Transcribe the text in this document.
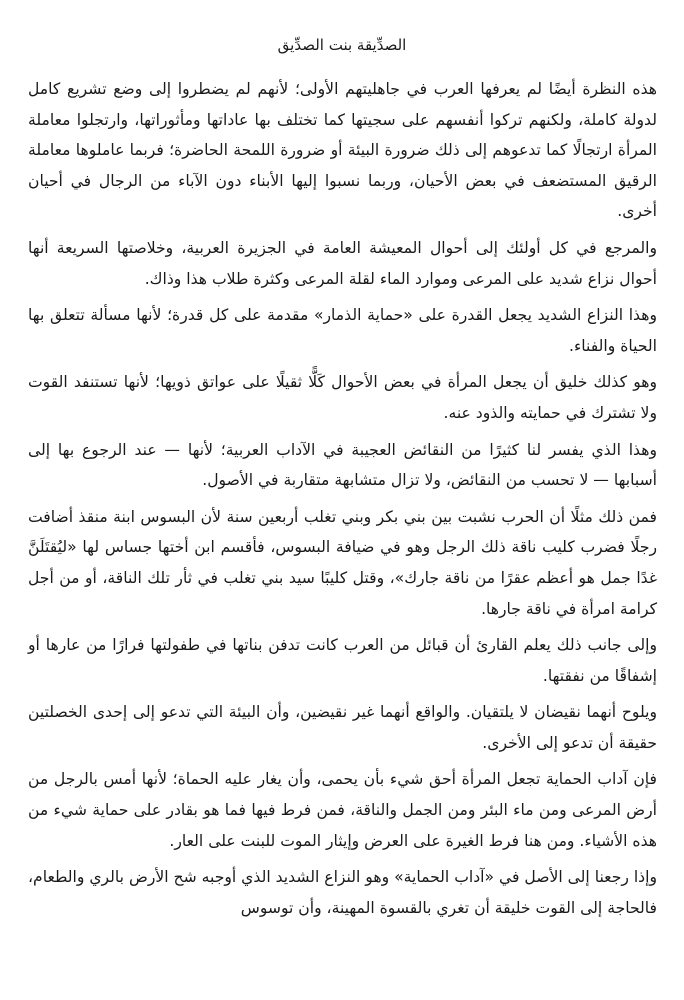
الصدِّيقة بنت الصدِّيق

هذه النظرة أيضًا لم يعرفها العرب في جاهليتهم الأولى؛ لأنهم لم يضطروا إلى وضع تشريع كامل لدولة كاملة، ولكنهم تركوا أنفسهم على سجيتها كما تختلف بها عاداتها ومأثوراتها، وارتجلوا معاملة المرأة ارتجالًا كما تدعوهم إلى ذلك ضرورة البيئة أو ضرورة اللمحة الحاضرة؛ فربما عاملوها معاملة الرقيق المستضعف في بعض الأحيان، وربما نسبوا إليها الأبناء دون الآباء من الرجال في أحيان أخرى.

والمرجع في كل أولئك إلى أحوال المعيشة العامة في الجزيرة العربية، وخلاصتها السريعة أنها أحوال نزاع شديد على المرعى وموارد الماء لقلة المرعى وكثرة طلاب هذا وذاك.

وهذا النزاع الشديد يجعل القدرة على «حماية الذمار» مقدمة على كل قدرة؛ لأنها مسألة تتعلق بها الحياة والفناء.

وهو كذلك خليق أن يجعل المرأة في بعض الأحوال كَلًّا ثقيلًا على عواتق ذويها؛ لأنها تستنفد القوت ولا تشترك في حمايته والذود عنه.

وهذا الذي يفسر لنا كثيرًا من النقائض العجيبة في الآداب العربية؛ لأنها — عند الرجوع بها إلى أسبابها — لا تحسب من النقائض، ولا تزال متشابهة متقاربة في الأصول.

فمن ذلك مثلًا أن الحرب نشبت بين بني بكر وبني تغلب أربعين سنة لأن البسوس ابنة منقذ أضافت رجلًا فضرب كليب ناقة ذلك الرجل وهو في ضيافة البسوس، فأقسم ابن أختها جساس لها «ليُقتَلَنَّ غدًا جمل هو أعظم عقرًا من ناقة جارك»، وقتل كليبًا سيد بني تغلب في ثأر تلك الناقة، أو من أجل كرامة امرأة في ناقة جارها.

وإلى جانب ذلك يعلم القارئ أن قبائل من العرب كانت تدفن بناتها في طفولتها فرارًا من عارها أو إشفاقًا من نفقتها.

ويلوح أنهما نقيضان لا يلتقيان. والواقع أنهما غير نقيضين، وأن البيئة التي تدعو إلى إحدى الخصلتين حقيقة أن تدعو إلى الأخرى.

فإن آداب الحماية تجعل المرأة أحق شيء بأن يحمى، وأن يغار عليه الحماة؛ لأنها أمس بالرجل من أرض المرعى ومن ماء البئر ومن الجمل والناقة، فمن فرط فيها فما هو بقادر على حماية شيء من هذه الأشياء. ومن هنا فرط الغيرة على العرض وإيثار الموت للبنت على العار.

وإذا رجعنا إلى الأصل في «آداب الحماية» وهو النزاع الشديد الذي أوجبه شح الأرض بالري والطعام، فالحاجة إلى القوت خليقة أن تغري بالقسوة المهينة، وأن توسوس
